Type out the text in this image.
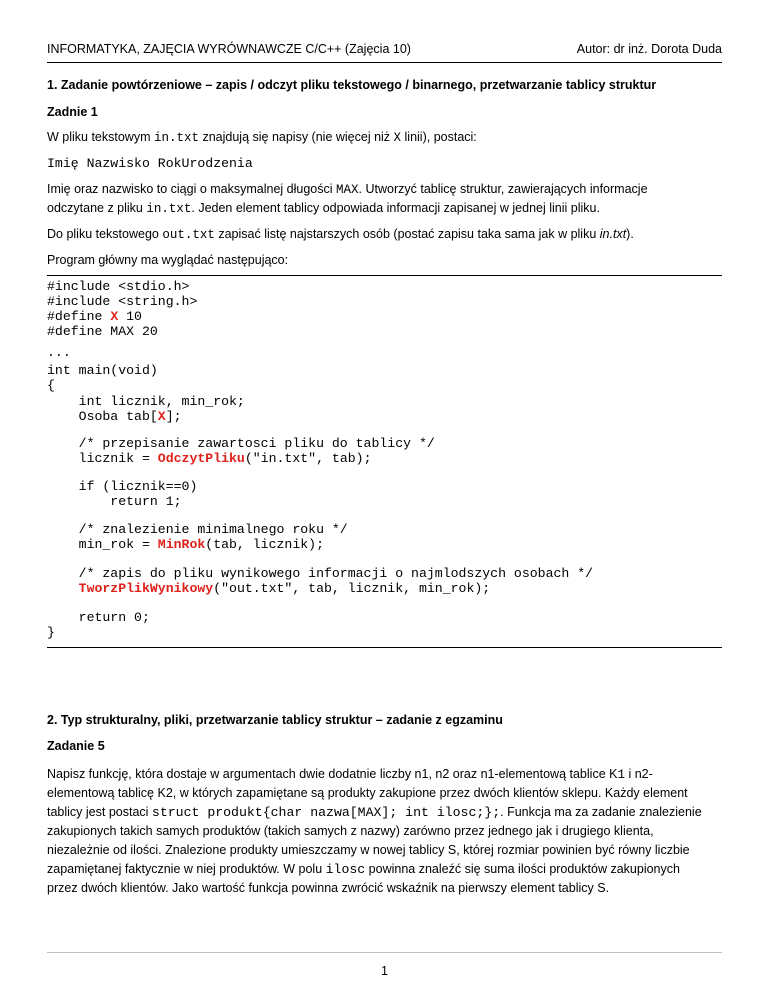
INFORMATYKA, ZAJĘCIA WYRÓWNAWCZE C/C++ (Zajęcia 10)	Autor: dr inż. Dorota Duda
1. Zadanie powtórzeniowe – zapis / odczyt pliku tekstowego / binarnego, przetwarzanie tablicy struktur
Zadnie 1
W pliku tekstowym in.txt znajdują się napisy (nie więcej niż X linii), postaci:
Imię Nazwisko RokUrodzenia
Imię oraz nazwisko to ciągi o maksymalnej długości MAX. Utworzyć tablicę struktur, zawierających informacje
odczytane z pliku in.txt. Jeden element tablicy odpowiada informacji zapisanej w jednej linii pliku.
Do pliku tekstowego out.txt zapisać listę najstarszych osób (postać zapisu taka sama jak w pliku in.txt).
Program główny ma wyglądać następująco:
#include <stdio.h>
#include <string.h>
#define X 10
#define MAX 20
...
int main(void)
{
int licznik, min_rok;
Osoba tab[X];
/* przepisanie zawartosci pliku do tablicy */
licznik = OdczytPliku("in.txt", tab);
if (licznik==0)
return 1;
/* znalezienie minimalnego roku */
min_rok = MinRok(tab, licznik);
/* zapis do pliku wynikowego informacji o najmlodszych osobach */
TworzPlikWynikowy("out.txt", tab, licznik, min_rok);
return 0;
}
2. Typ strukturalny, pliki, przetwarzanie tablicy struktur – zadanie z egzaminu
Zadanie 5
Napisz funkcję, która dostaje w argumentach dwie dodatnie liczby n1, n2 oraz n1-elementową tablice K1 i n2-
elementową tablicę K2, w których zapamiętane są produkty zakupione przez dwóch klientów sklepu. Każdy element
tablicy jest postaci struct produkt{char nazwa[MAX]; int ilosc;};. Funkcja ma za zadanie znalezienie
zakupionych takich samych produktów (takich samych z nazwy) zarówno przez jednego jak i drugiego klienta,
niezależnie od ilości. Znalezione produkty umieszczamy w nowej tablicy S, której rozmiar powinien być równy liczbie
zapamiętanej faktycznie w niej produktów. W polu ilosc powinna znaleźć się suma ilości produktów zakupionych
przez dwóch klientów. Jako wartość funkcja powinna zwrócić wskaźnik na pierwszy element tablicy S.
1
